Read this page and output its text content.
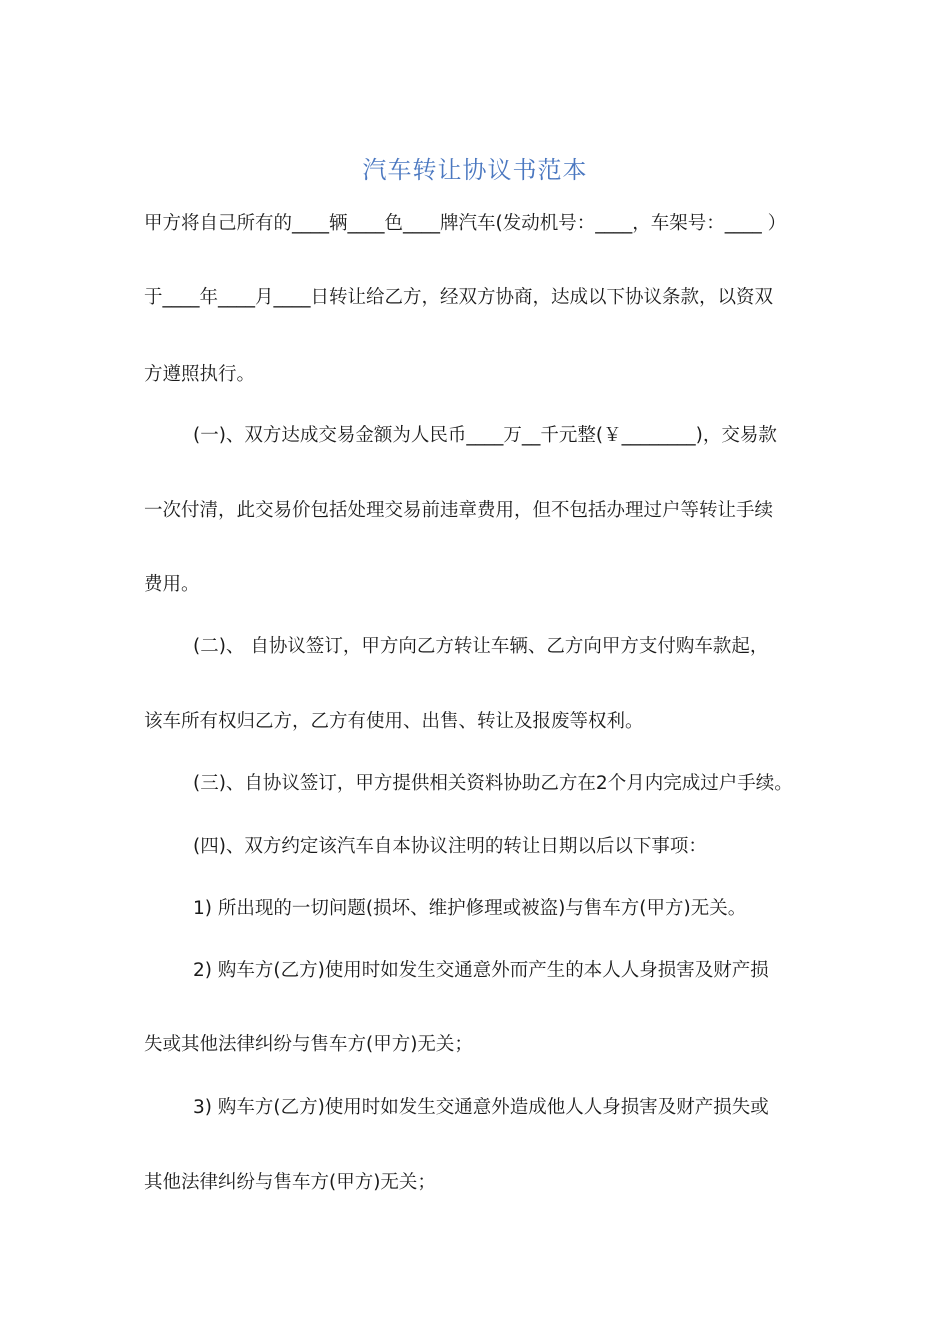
汽车转让协议书范本
甲方将自己所有的____辆____色____牌汽车(发动机号：____，车架号：____ ）
于____年____月____日转让给乙方，经双方协商，达成以下协议条款，以资双
方遵照执行。
(一)、双方达成交易金额为人民币____万__千元整(￥________)，交易款
一次付清，此交易价包括处理交易前违章费用，但不包括办理过户等转让手续
费用。
(二)、 自协议签订，甲方向乙方转让车辆、乙方向甲方支付购车款起，
该车所有权归乙方，乙方有使用、出售、转让及报废等权利。
(三)、自协议签订，甲方提供相关资料协助乙方在2个月内完成过户手续。
(四)、双方约定该汽车自本协议注明的转让日期以后以下事项：
1) 所出现的一切问题(损坏、维护修理或被盗)与售车方(甲方)无关。
2) 购车方(乙方)使用时如发生交通意外而产生的本人人身损害及财产损
失或其他法律纠纷与售车方(甲方)无关；
3) 购车方(乙方)使用时如发生交通意外造成他人人身损害及财产损失或
其他法律纠纷与售车方(甲方)无关；
